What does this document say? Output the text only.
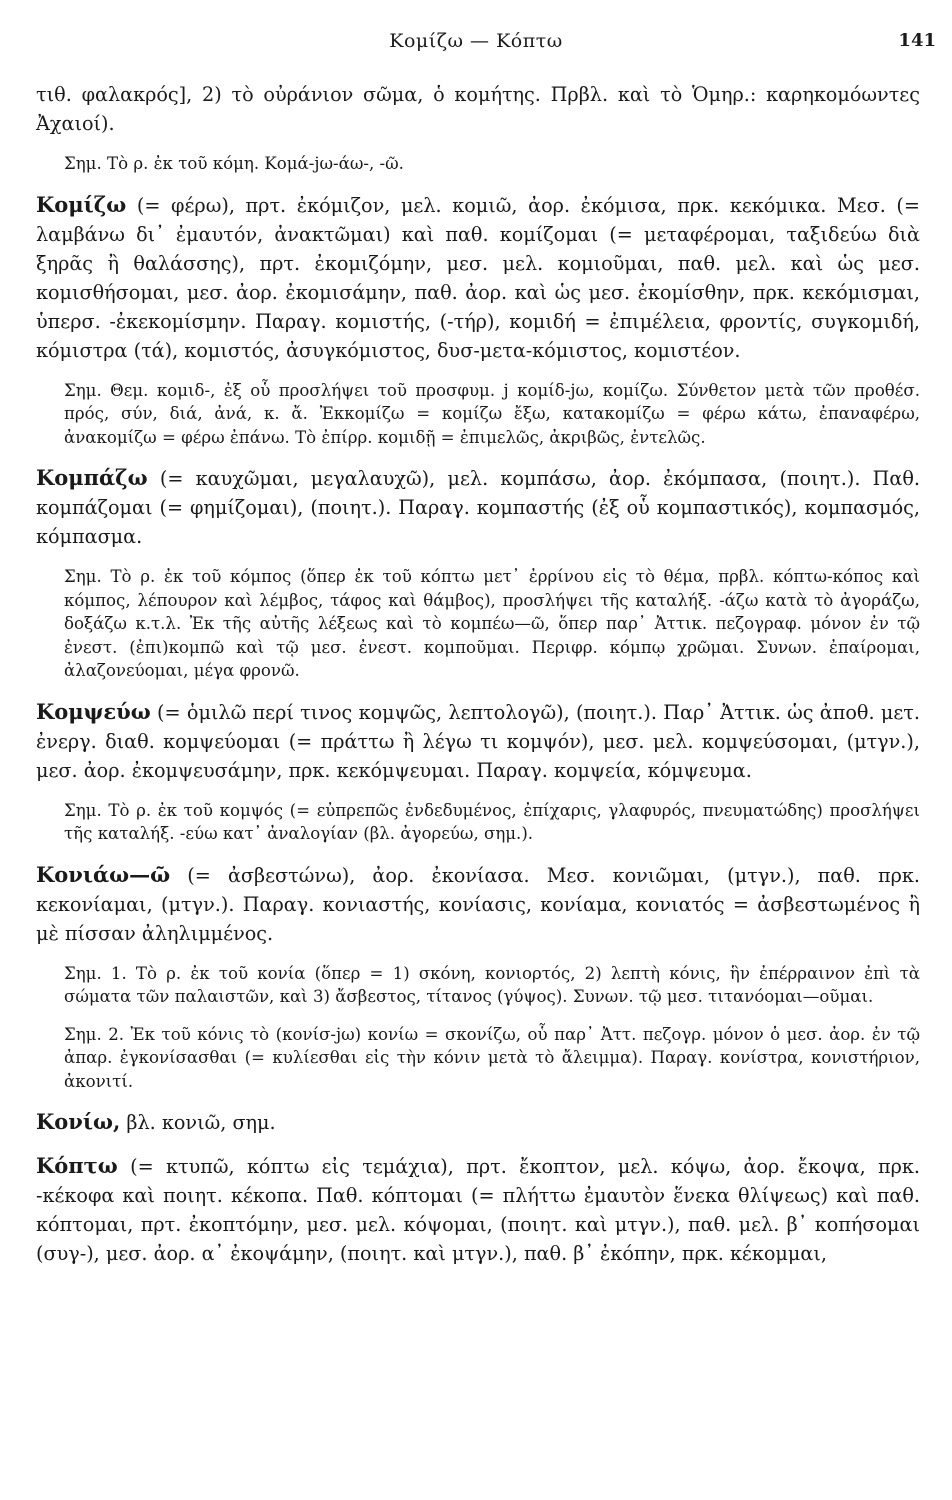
Κομίζω — Κόπτω	141

τιθ. φαλακρός], 2) τὸ οὐράνιον σῶμα, ὁ κομήτης. Πρβλ. καὶ τὸ Ὁμηρ.: καρηκομόωντες Ἀχαιοί).

Σημ. Τὸ ρ. ἐκ τοῦ κόμη. Κομά-jω-άω-, -ῶ.

Κομίζω (= φέρω), πρτ. ἐκόμιζον, μελ. κομιῶ, ἀορ. ἐκόμισα, πρκ. κεκόμικα. Μεσ. (= λαμβάνω δι᾽ ἐμαυτόν, ἀνακτῶμαι) καὶ παθ. κομίζομαι (= μεταφέρομαι, ταξιδεύω διὰ ξηρᾶς ἢ θαλάσσης), πρτ. ἐκομιζόμην, μεσ. μελ. κομιοῦμαι, παθ. μελ. καὶ ὡς μεσ. κομισθήσομαι, μεσ. ἀορ. ἐκομισάμην, παθ. ἀορ. καὶ ὡς μεσ. ἐκομίσθην, πρκ. κεκόμισμαι, ὑπερσ. -ἐκεκομίσμην. Παραγ. κομιστής, (-τήρ), κομιδή = ἐπιμέλεια, φροντίς, συγκομιδή, κόμιστρα (τά), κομιστός, ἀσυγκόμιστος, δυσ-μετα-κόμιστος, κομιστέον.

Σημ. Θεμ. κομιδ-, ἐξ οὗ προσλήψει τοῦ προσφυμ. j κομίδ-jω, κομίζω. Σύνθετον μετὰ τῶν προθέσ. πρός, σύν, διά, ἀνά, κ. ἄ. Ἐκκομίζω = κομίζω ἔξω, κατακομίζω = φέρω κάτω, ἐπαναφέρω, ἀνακομίζω = φέρω ἐπάνω. Τὸ ἐπίρρ. κομιδῇ = ἐπιμελῶς, ἀκριβῶς, ἐντελῶς.

Κομπάζω (= καυχῶμαι, μεγαλαυχῶ), μελ. κομπάσω, ἀορ. ἐκόμπασα, (ποιητ.). Παθ. κομπάζομαι (= φημίζομαι), (ποιητ.). Παραγ. κομπαστής (ἐξ οὗ κομπαστικός), κομπασμός, κόμπασμα.

Σημ. Τὸ ρ. ἐκ τοῦ κόμπος (ὅπερ ἐκ τοῦ κόπτω μετ᾽ ἐρρίνου εἰς τὸ θέμα, πρβλ. κόπτω-κόπος καὶ κόμπος, λέπουρον καὶ λέμβος, τάφος καὶ θάμβος), προσλήψει τῆς καταλήξ. -άζω κατὰ τὸ ἀγοράζω, δοξάζω κ.τ.λ. Ἐκ τῆς αὐτῆς λέξεως καὶ τὸ κομπέω—ῶ, ὅπερ παρ᾽ Ἀττικ. πεζογραφ. μόνον ἐν τῷ ἐνεστ. (ἐπι)κομπῶ καὶ τῷ μεσ. ἐνεστ. κομποῦμαι. Περιφρ. κόμπῳ χρῶμαι. Συνων. ἐπαίρομαι, ἀλαζονεύομαι, μέγα φρονῶ.

Κομψεύω (= ὁμιλῶ περί τινος κομψῶς, λεπτολογῶ), (ποιητ.). Παρ᾽ Ἀττικ. ὡς ἀποθ. μετ. ἐνεργ. διαθ. κομψεύομαι (= πράττω ἢ λέγω τι κομψόν), μεσ. μελ. κομψεύσομαι, (μτγν.), μεσ. ἀορ. ἐκομψευσάμην, πρκ. κεκόμψευμαι. Παραγ. κομψεία, κόμψευμα.

Σημ. Τὸ ρ. ἐκ τοῦ κομψός (= εὐπρεπῶς ἐνδεδυμένος, ἐπίχαρις, γλαφυρός, πνευματώδης) προσλήψει τῆς καταλήξ. -εύω κατ᾽ ἀναλογίαν (βλ. ἀγορεύω, σημ.).

Κονιάω—ῶ (= ἀσβεστώνω), ἀορ. ἐκονίασα. Μεσ. κονιῶμαι, (μτγν.), παθ. πρκ. κεκονίαμαι, (μτγν.). Παραγ. κονιαστής, κονίασις, κονίαμα, κονιατός = ἀσβεστωμένος ἢ μὲ πίσσαν ἀληλιμμένος.

Σημ. 1. Τὸ ρ. ἐκ τοῦ κονία (ὅπερ = 1) σκόνη, κονιορτός, 2) λεπτὴ κόνις, ἣν ἐπέρραινον ἐπὶ τὰ σώματα τῶν παλαιστῶν, καὶ 3) ἄσβεστος, τίτανος (γύψος). Συνων. τῷ μεσ. τιτανόομαι—οῦμαι.

Σημ. 2. Ἐκ τοῦ κόνις τὸ (κονίσ-jω) κονίω = σκονίζω, οὗ παρ᾽ Ἀττ. πεζογρ. μόνον ὁ μεσ. ἀορ. ἐν τῷ ἀπαρ. ἐγκονίσασθαι (= κυλίεσθαι εἰς τὴν κόνιν μετὰ τὸ ἄλειμμα). Παραγ. κονίστρα, κονιστήριον, ἀκονιτί.

Κονίω, βλ. κονιῶ, σημ.

Κόπτω (= κτυπῶ, κόπτω εἰς τεμάχια), πρτ. ἔκοπτον, μελ. κόψω, ἀορ. ἔκοψα, πρκ. -κέκοφα καὶ ποιητ. κέκοπα. Παθ. κόπτομαι (= πλήττω ἐμαυτὸν ἕνεκα θλίψεως) καὶ παθ. κόπτομαι, πρτ. ἐκοπτόμην, μεσ. μελ. κόψομαι, (ποιητ. καὶ μτγν.), παθ. μελ. β᾽ κοπήσομαι (συγ-), μεσ. ἀορ. α᾽ ἐκοψάμην, (ποιητ. καὶ μτγν.), παθ. β᾽ ἐκόπην, πρκ. κέκομμαι,
